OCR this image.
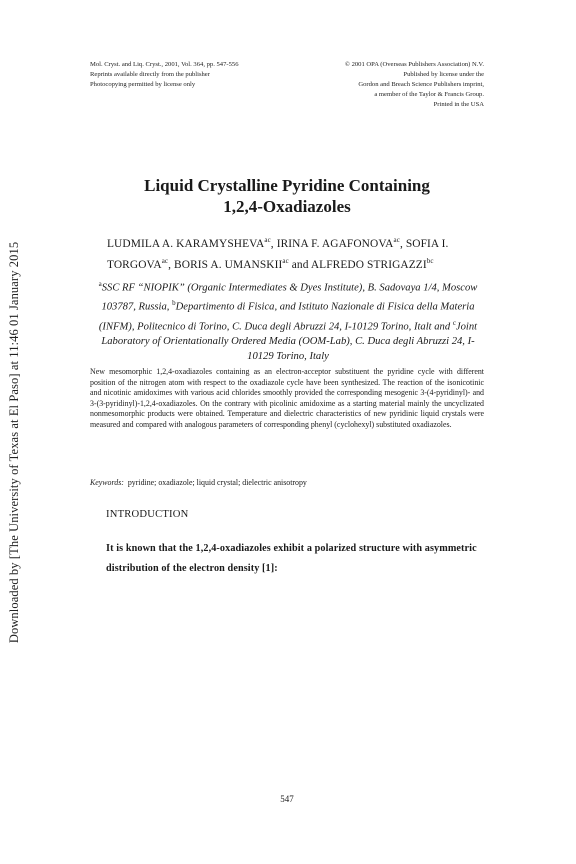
Downloaded by [The University of Texas at El Paso] at 11:46 01 January 2015
Mol. Cryst. and Liq. Cryst., 2001, Vol. 364, pp. 547-556
Reprints available directly from the publisher
Photocopying permitted by license only
© 2001 OPA (Overseas Publishers Association) N.V.
Published by license under the
Gordon and Breach Science Publishers imprint,
a member of the Taylor & Francis Group.
Printed in the USA
Liquid Crystalline Pyridine Containing
1,2,4-Oxadiazoles
LUDMILA A. $KARAMYSHEVA^{ac}$, IRINA F. $AGAFONOVA^{ac}$, SOFIA I. $TORGOVA^{ac}$, BORIS A. $UMANSKII^{ac}$ and ALFREDO $STRIGAZZI^{bc}$
$^a$SSC RF “NIOPIK” (Organic Intermediates & Dyes Institute), B. Sadovaya 1/4, Moscow 103787, Russia, $^b$Departimento di Fisica, and Istituto Nazionale di Fisica della Materia (INFM), Politecnico di Torino, C. Duca degli Abruzzi 24, I-10129 Torino, Italt and $^c$Joint Laboratory of Orientationally Ordered Media (OOM-Lab), C. Duca degli Abruzzi 24, I-10129 Torino, Italy
New mesomorphic 1,2,4-oxadiazoles containing as an electron-acceptor substituent the pyridine cycle with different position of the nitrogen atom with respect to the oxadiazole cycle have been synthesized. The reaction of the isonicotinic and nicotinic amidoximes with various acid chlorides smoothly provided the corresponding mesogenic 3-(4-pyridinyl)- and 3-(3-pyridinyl)-1,2,4-oxadiazoles. On the contrary with picolinic amidoxime as a starting material mainly the uncyclizated nonmesomorphic products were obtained. Temperature and dielectric characteristics of new pyridinic liquid crystals were measured and compared with analogous parameters of corresponding phenyl (cyclohexyl) substituted oxadiazoles.
Keywords: pyridine; oxadiazole; liquid crystal; dielectric anisotropy
INTRODUCTION
It is known that the 1,2,4-oxadiazoles exhibit a polarized structure with asymmetric distribution of the electron density [1]:
547
